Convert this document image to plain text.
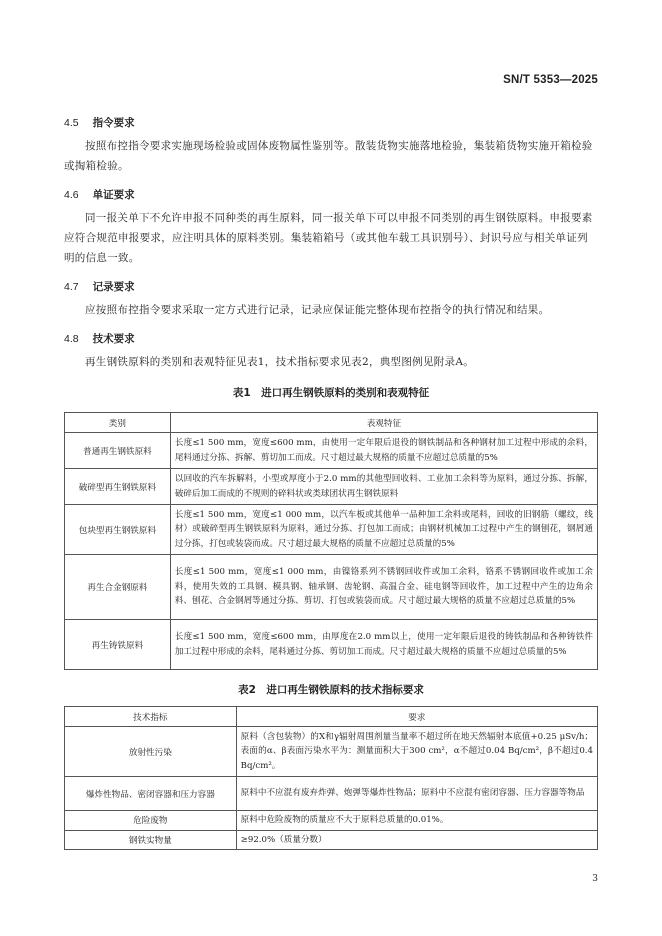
SN/T 5353—2025
4.5 指令要求
按照布控指令要求实施现场检验或固体废物属性鉴别等。散装货物实施落地检验，集装箱货物实施开箱检验或掏箱检验。
4.6 单证要求
同一报关单下不允许申报不同种类的再生原料，同一报关单下可以申报不同类别的再生钢铁原料。申报要素应符合规范申报要求，应注明具体的原料类别。集装箱箱号（或其他车载工具识别号）、封识号应与相关单证列明的信息一致。
4.7 记录要求
应按照布控指令要求采取一定方式进行记录，记录应保证能完整体现布控指令的执行情况和结果。
4.8 技术要求
再生钢铁原料的类别和表观特征见表1，技术指标要求见表2，典型图例见附录A。
表1　进口再生钢铁原料的类别和表观特征
类别	表观特征
普通再生钢铁原料	长度≤1 500 mm，宽度≤600 mm，由使用一定年限后退役的钢铁制品和各种钢材加工过程中形成的余料，尾料通过分拣、拆解、剪切加工而成。尺寸超过最大规格的质量不应超过总质量的5%
破碎型再生钢铁原料	以回收的汽车拆解料，小型或厚度小于2.0 mm的其他型回收料、工业加工余料等为原料，通过分拣、拆解，破碎后加工而成的不规则的碎料状或类球团状再生钢铁原料
包块型再生钢铁原料	长度≤1 500 mm，宽度≤1 000 mm，以汽车板或其他单一品种加工余料或尾料，回收的旧钢筋（螺纹，线材）或破碎型再生钢铁原料为原料，通过分拣、打包加工而成；由钢材机械加工过程中产生的钢刨花，钢屑通过分拣，打包或装袋而成。尺寸超过最大规格的质量不应超过总质量的5%
再生合金钢原料	长度≤1 500 mm，宽度≤1 000 mm，由镍铬系列不锈钢回收件或加工余料，铬系不锈钢回收件或加工余料，使用失效的工具钢、模具钢、轴承钢、齿轮钢、高温合金、硅电钢等回收件，加工过程中产生的边角余料、刨花、合金钢屑等通过分拣、剪切、打包或装袋而成。尺寸超过最大规格的质量不应超过总质量的5%
再生铸铁原料	长度≤1 500 mm，宽度≤600 mm，由厚度在2.0 mm以上，使用一定年限后退役的铸铁制品和各种铸铁件加工过程中形成的余料，尾料通过分拣、剪切加工而成。尺寸超过最大规格的质量不应超过总质量的5%
表2　进口再生钢铁原料的技术指标要求
技术指标	要求
放射性污染	原料（含包装物）的X和γ辐射周围剂量当量率不超过所在地天然辐射本底值+0.25 μSv/h；表面的α、β表面污染水平为：测量面积大于300 cm²，α不超过0.04 Bq/cm²，β不超过0.4 Bq/cm²。
爆炸性物品、密闭容器和压力容器	原料中不应混有废弃炸弹、炮弹等爆炸性物品；原料中不应混有密闭容器、压力容器等物品
危险废物	原料中危险废物的质量应不大于原料总质量的0.01%。
钢铁实物量	≥92.0%（质量分数）
3
